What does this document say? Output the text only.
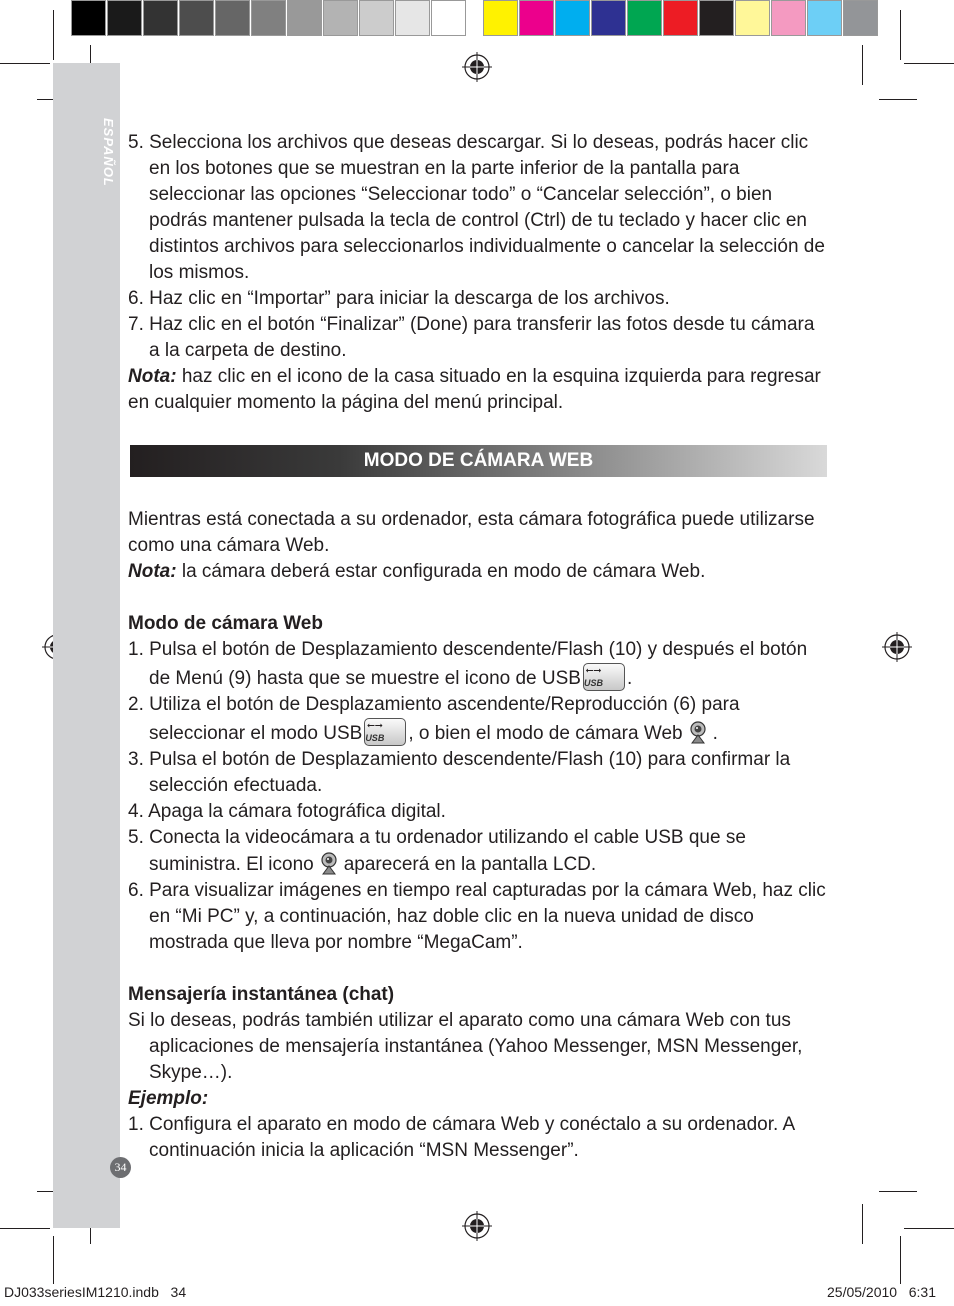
ESPAÑOL
34
MODO DE CÁMARA WEB

5. Selecciona los archivos que deseas descargar. Si lo deseas, podrás hacer clic en los botones que se muestran en la parte inferior de la pantalla para seleccionar las opciones “Seleccionar todo” o “Cancelar selección”, o bien podrás mantener pulsada la tecla de control (Ctrl) de tu teclado y hacer clic en distintos archivos para seleccionarlos individualmente o cancelar la selección de los mismos.

6. Haz clic en “Importar” para iniciar la descarga de los archivos.

7. Haz clic en el botón “Finalizar” (Done) para transferir las fotos desde tu cámara a la carpeta de destino.

Nota: haz clic en el icono de la casa situado en la esquina izquierda para regresar en cualquier momento la página del menú principal.

Mientras está conectada a su ordenador, esta cámara fotográfica puede utilizarse como una cámara Web.

Nota: la cámara deberá estar configurada en modo de cámara Web.

Modo de cámara Web

1. Pulsa el botón de Desplazamiento descendente/Flash (10) y después el botón de Menú (9) hasta que se muestre el icono de USB ⭠⭢
USB	.

2. Utiliza el botón de Desplazamiento ascendente/Reproducción (6) para seleccionar el modo USB ⭠⭢
USB	, o bien el modo de cámara Web .

3. Pulsa el botón de Desplazamiento descendente/Flash (10) para confirmar la selección efectuada.

4. Apaga la cámara fotográfica digital.

5. Conecta la videocámara a tu ordenador utilizando el cable USB que se suministra. El icono aparecerá en la pantalla LCD.

6. Para visualizar imágenes en tiempo real capturadas por la cámara Web, haz clic en “Mi PC” y, a continuación, haz doble clic en la nueva unidad de disco mostrada que lleva por nombre “MegaCam”.

Mensajería instantánea (chat)

Si lo deseas, podrás también utilizar el aparato como una cámara Web con tus aplicaciones de mensajería instantánea (Yahoo Messenger, MSN Messenger, Skype…).

Ejemplo:

1. Configura el aparato en modo de cámara Web y conéctalo a su ordenador. A continuación inicia la aplicación “MSN Messenger”.

DJ033seriesIM1210.indb   34	25/05/2010   6:31
